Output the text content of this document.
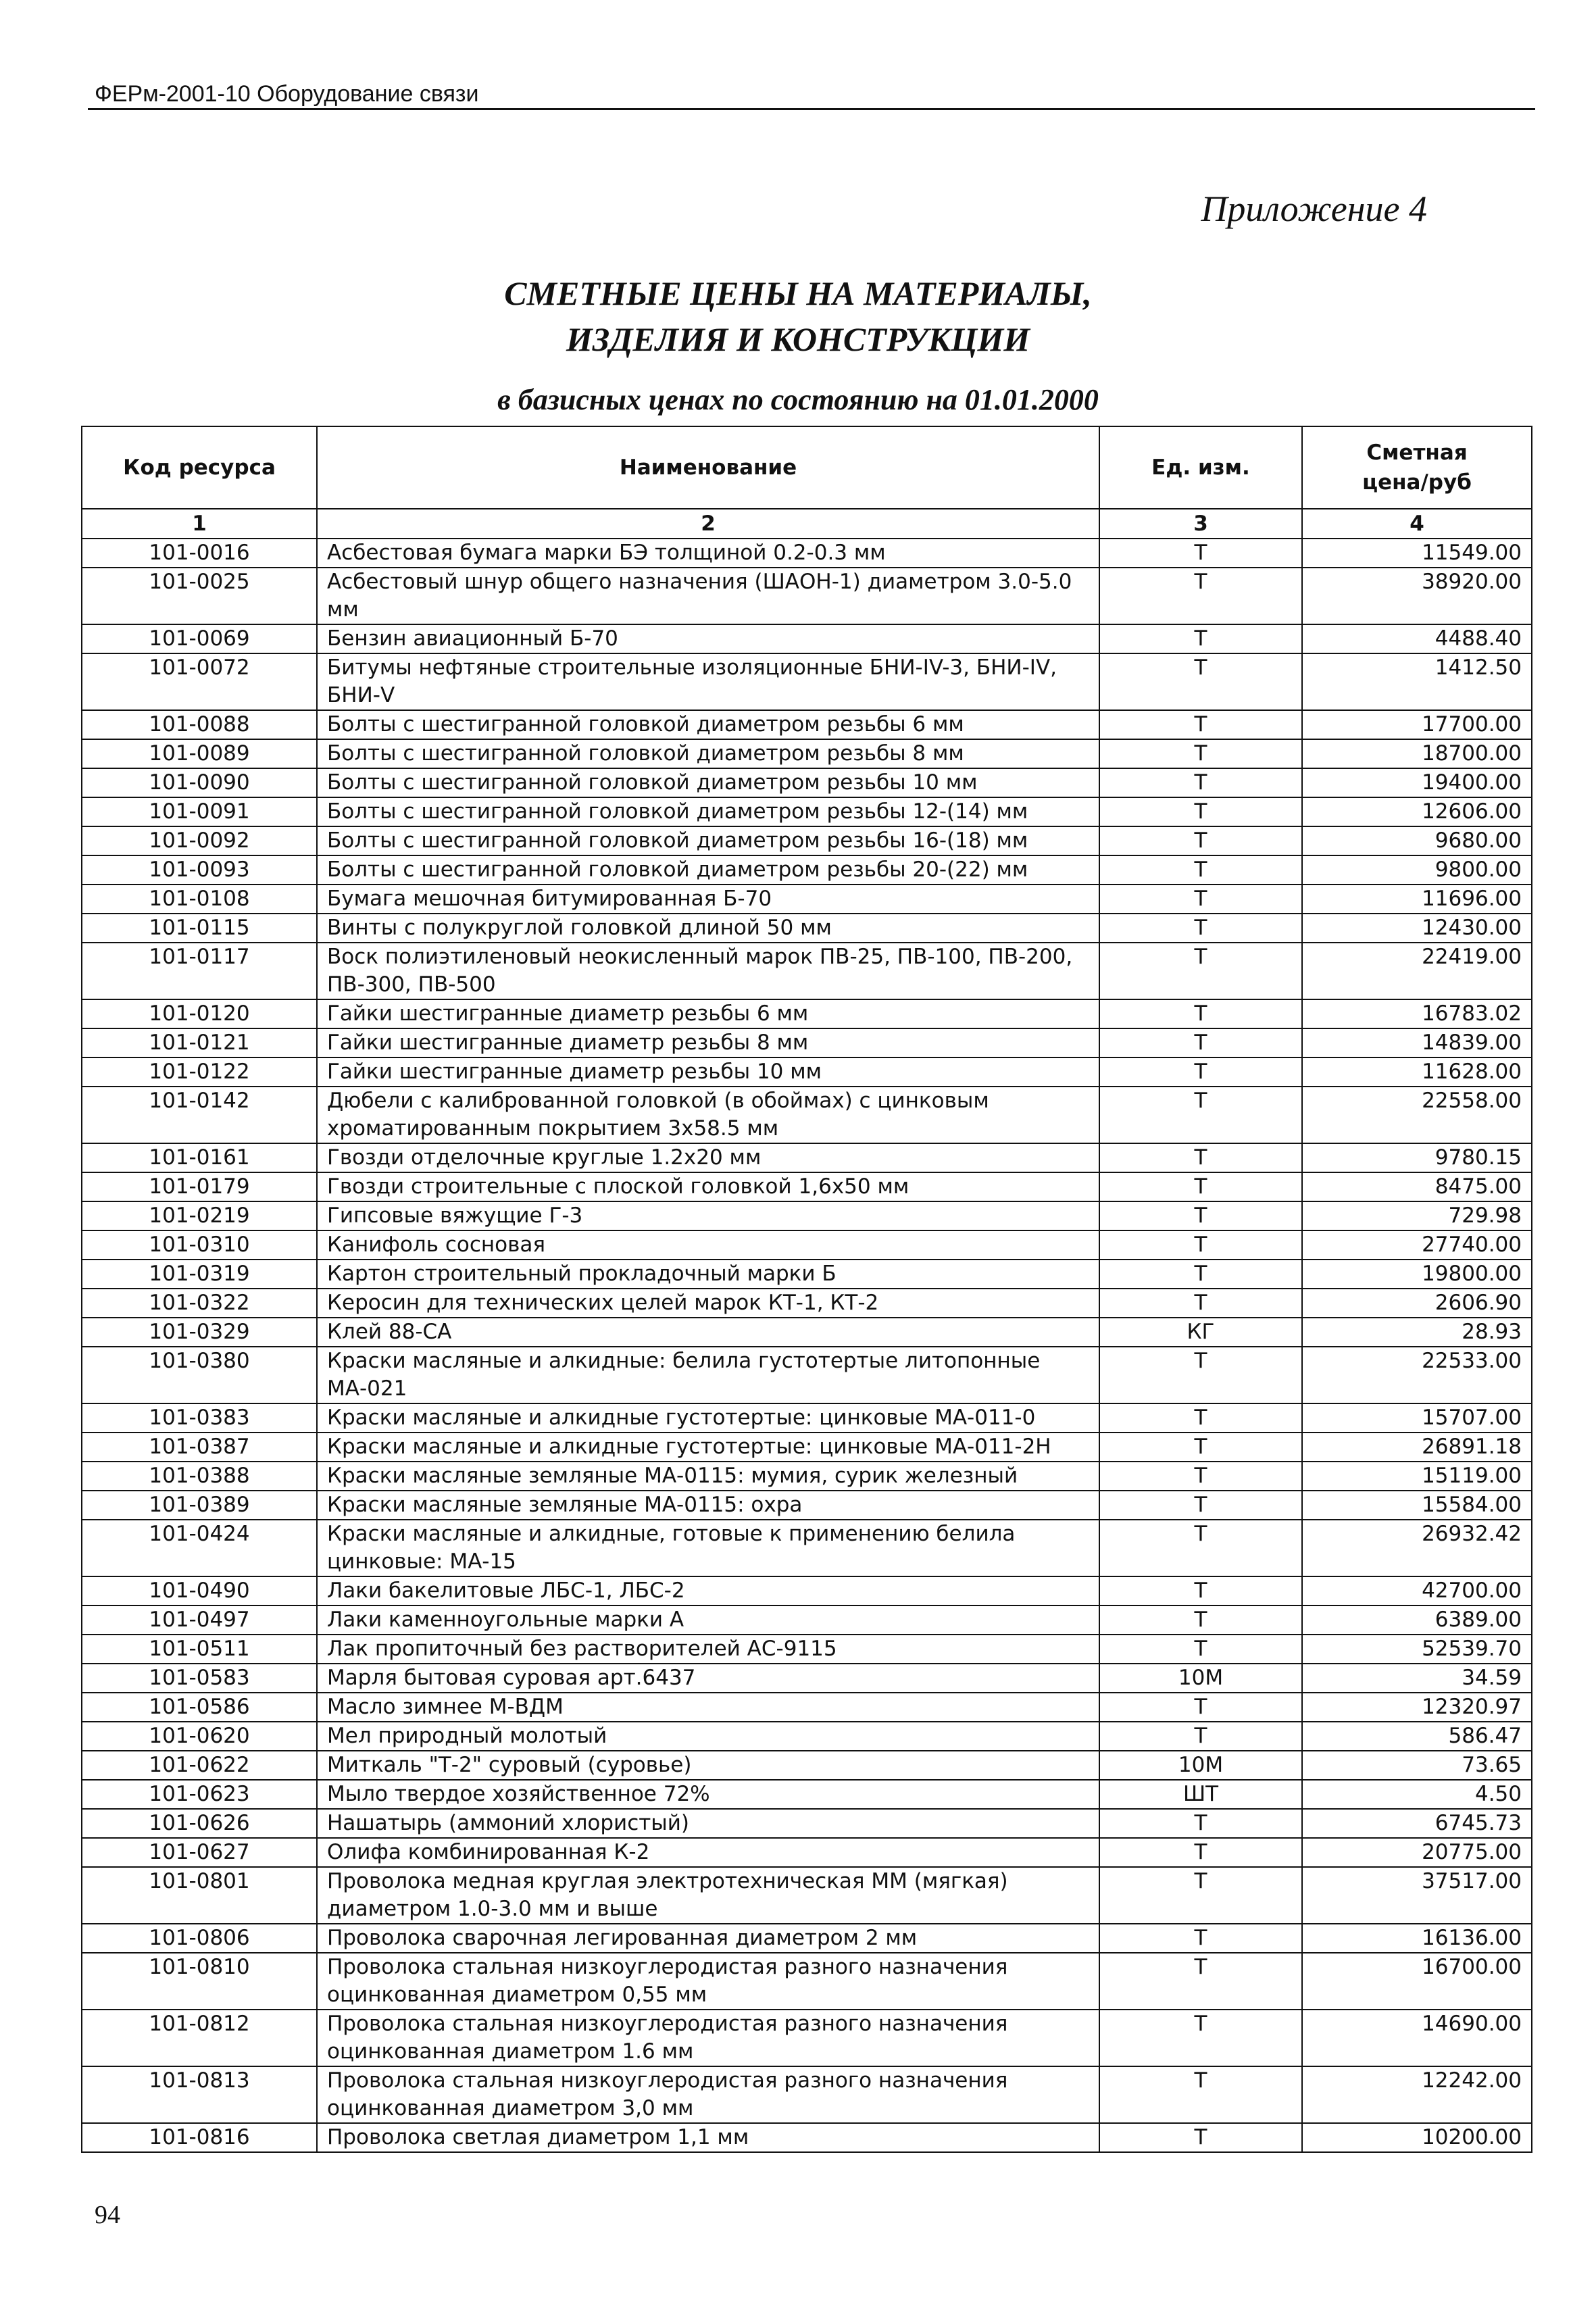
ФЕРм-2001-10 Оборудование связи
Приложение 4
СМЕТНЫЕ ЦЕНЫ НА МАТЕРИАЛЫ,
ИЗДЕЛИЯ И КОНСТРУКЦИИ
в базисных ценах по состоянию на 01.01.2000
Код ресурса	Наименование	Ед. изм.	Сметная цена/руб
1	2	3	4
101-0016	Асбестовая бумага марки БЭ толщиной 0.2-0.3 мм	Т	11549.00
101-0025	Асбестовый шнур общего назначения (ШАОН-1) диаметром 3.0-5.0 мм	Т	38920.00
101-0069	Бензин авиационный Б-70	Т	4488.40
101-0072	Битумы нефтяные строительные изоляционные БНИ-IV-3, БНИ-IV, БНИ-V	Т	1412.50
101-0088	Болты с шестигранной головкой диаметром резьбы 6 мм	Т	17700.00
101-0089	Болты с шестигранной головкой диаметром резьбы 8 мм	Т	18700.00
101-0090	Болты с шестигранной головкой диаметром резьбы 10 мм	Т	19400.00
101-0091	Болты с шестигранной головкой диаметром резьбы 12-(14) мм	Т	12606.00
101-0092	Болты с шестигранной головкой диаметром резьбы 16-(18) мм	Т	9680.00
101-0093	Болты с шестигранной головкой диаметром резьбы 20-(22) мм	Т	9800.00
101-0108	Бумага мешочная битумированная Б-70	Т	11696.00
101-0115	Винты с полукруглой головкой длиной 50 мм	Т	12430.00
101-0117	Воск полиэтиленовый неокисленный марок ПВ-25, ПВ-100, ПВ-200, ПВ-300, ПВ-500	Т	22419.00
101-0120	Гайки шестигранные диаметр резьбы 6 мм	Т	16783.02
101-0121	Гайки шестигранные диаметр резьбы 8 мм	Т	14839.00
101-0122	Гайки шестигранные диаметр резьбы 10 мм	Т	11628.00
101-0142	Дюбели с калиброванной головкой (в обоймах) с цинковым хроматированным покрытием 3х58.5 мм	Т	22558.00
101-0161	Гвозди отделочные круглые 1.2х20 мм	Т	9780.15
101-0179	Гвозди строительные с плоской головкой 1,6х50 мм	Т	8475.00
101-0219	Гипсовые вяжущие Г-3	Т	729.98
101-0310	Канифоль сосновая	Т	27740.00
101-0319	Картон строительный прокладочный марки Б	Т	19800.00
101-0322	Керосин для технических целей марок КТ-1, КТ-2	Т	2606.90
101-0329	Клей 88-СА	КГ	28.93
101-0380	Краски масляные и алкидные: белила густотертые литопонные МА-021	Т	22533.00
101-0383	Краски масляные и алкидные густотертые: цинковые МА-011-0	Т	15707.00
101-0387	Краски масляные и алкидные густотертые: цинковые МА-011-2Н	Т	26891.18
101-0388	Краски масляные земляные МА-0115: мумия, сурик железный	Т	15119.00
101-0389	Краски масляные земляные МА-0115: охра	Т	15584.00
101-0424	Краски масляные и алкидные, готовые к применению белила цинковые: МА-15	Т	26932.42
101-0490	Лаки бакелитовые ЛБС-1, ЛБС-2	Т	42700.00
101-0497	Лаки каменноугольные марки А	Т	6389.00
101-0511	Лак пропиточный без растворителей АС-9115	Т	52539.70
101-0583	Марля бытовая суровая арт.6437	10М	34.59
101-0586	Масло зимнее М-ВДМ	Т	12320.97
101-0620	Мел природный молотый	Т	586.47
101-0622	Миткаль "Т-2" суровый (суровье)	10М	73.65
101-0623	Мыло твердое хозяйственное 72%	ШТ	4.50
101-0626	Нашатырь (аммоний хлористый)	Т	6745.73
101-0627	Олифа комбинированная К-2	Т	20775.00
101-0801	Проволока медная круглая электротехническая ММ (мягкая) диаметром 1.0-3.0 мм и выше	Т	37517.00
101-0806	Проволока сварочная легированная диаметром 2 мм	Т	16136.00
101-0810	Проволока стальная низкоуглеродистая разного назначения оцинкованная диаметром 0,55 мм	Т	16700.00
101-0812	Проволока стальная низкоуглеродистая разного назначения оцинкованная диаметром 1.6 мм	Т	14690.00
101-0813	Проволока стальная низкоуглеродистая разного назначения оцинкованная диаметром 3,0 мм	Т	12242.00
101-0816	Проволока светлая диаметром 1,1 мм	Т	10200.00
94
